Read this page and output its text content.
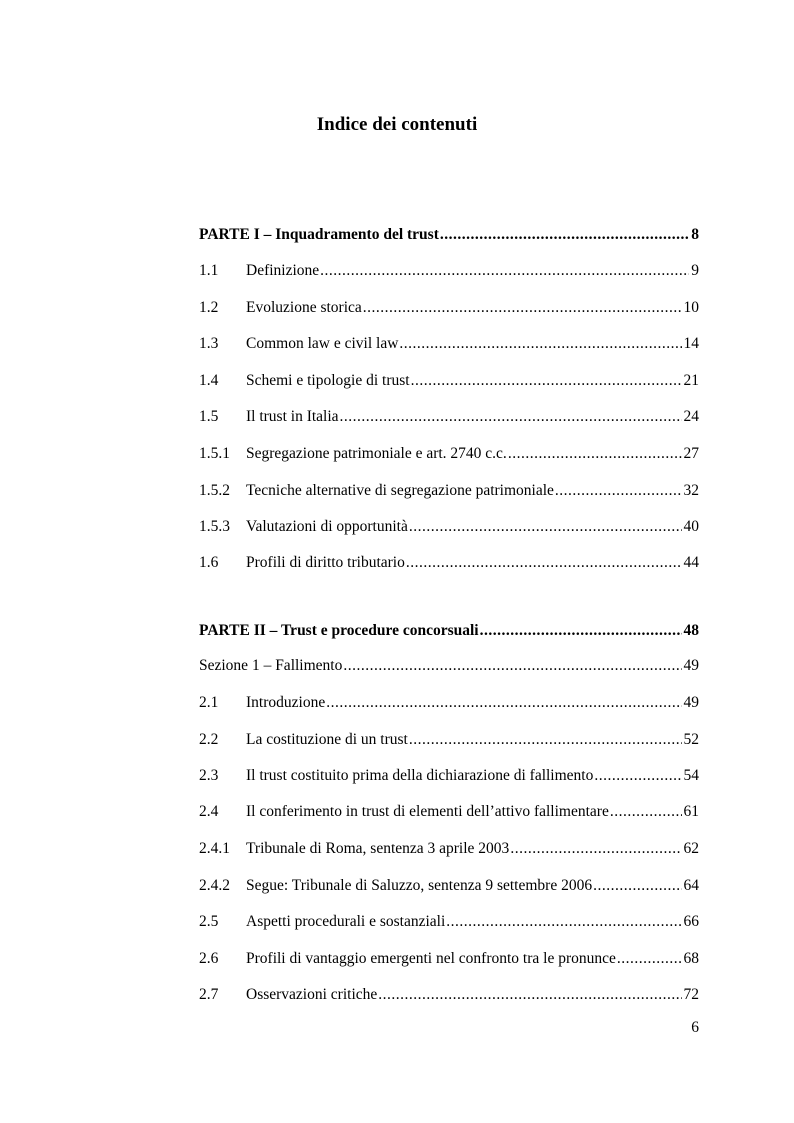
Indice dei contenuti
PARTE I – Inquadramento del trust .....	8
1.1	Definizione .....	9
1.2	Evoluzione storica .....	10
1.3	Common law e civil law .....	14
1.4	Schemi e tipologie di trust .....	21
1.5	Il trust in Italia .....	24
1.5.1	Segregazione patrimoniale e art. 2740 c.c. .....	27
1.5.2	Tecniche alternative di segregazione patrimoniale .....	32
1.5.3	Valutazioni di opportunità .....	40
1.6	Profili di diritto tributario .....	44
PARTE II – Trust e procedure concorsuali .....	48
Sezione 1 – Fallimento .....	49
2.1	Introduzione .....	49
2.2	La costituzione di un trust .....	52
2.3	Il trust costituito prima della dichiarazione di fallimento .....	54
2.4	Il conferimento in trust di elementi dell’attivo fallimentare .....	61
2.4.1	Tribunale di Roma, sentenza 3 aprile 2003 .....	62
2.4.2	Segue: Tribunale di Saluzzo, sentenza 9 settembre 2006 .....	64
2.5	Aspetti procedurali e sostanziali .....	66
2.6	Profili di vantaggio emergenti nel confronto tra le pronunce .....	68
2.7	Osservazioni critiche .....	72
6
